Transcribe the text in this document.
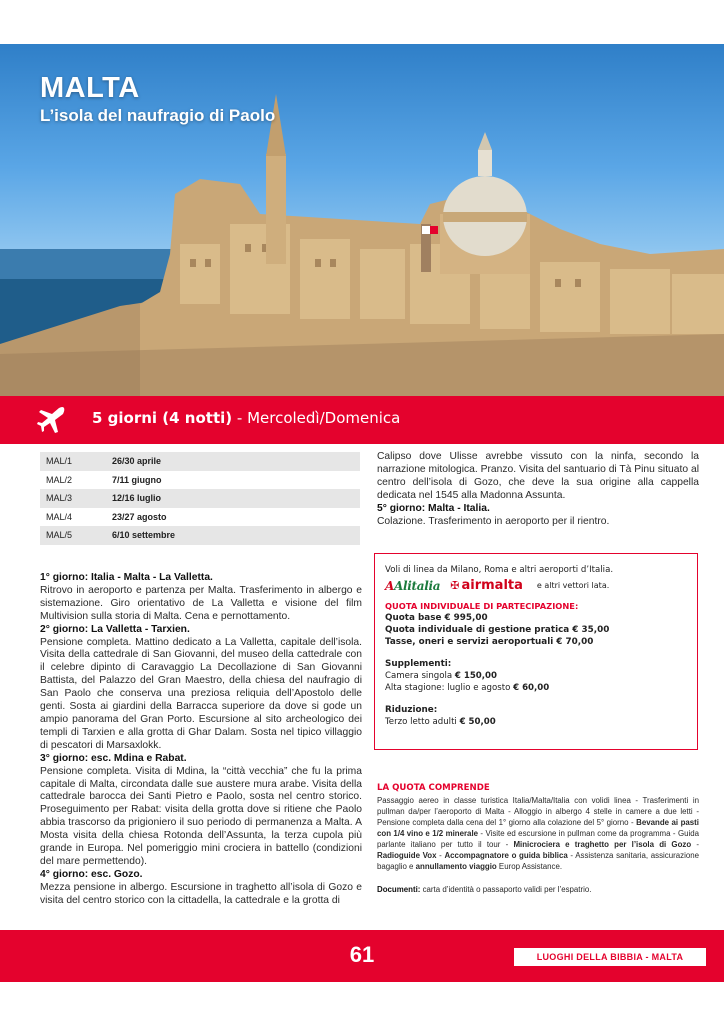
MALTA
L’isola del naufragio di Paolo
5 giorni (4 notti) - Mercoledì/Domenica
MAL/1	26/30 aprile
MAL/2	7/11 giugno
MAL/3	12/16 luglio
MAL/4	23/27 agosto
MAL/5	6/10 settembre
1° giorno: Italia - Malta - La Valletta.
Ritrovo in aeroporto e partenza per Malta. Trasferimento in albergo e sistemazione. Giro orientativo de La Valletta e visione del film Multivision sulla storia di Malta. Cena e pernottamento.
2° giorno: La Valletta - Tarxien.
Pensione completa. Mattino dedicato a La Valletta, capitale dell’isola. Visita della cattedrale di San Giovanni, del museo della cattedrale con il celebre dipinto di Caravaggio La Decollazione di San Giovanni Battista, del Palazzo del Gran Maestro, della chiesa del naufragio di San Paolo che conserva una preziosa reliquia dell’Apostolo delle genti. Sosta ai giardini della Barracca superiore da dove si gode un ampio panorama del Gran Porto. Escursione al sito archeologico dei templi di Tarxien e alla grotta di Ghar Dalam. Sosta nel tipico villaggio di pescatori di Marsaxlokk.
3° giorno: esc. Mdina e Rabat.
Pensione completa. Visita di Mdina, la “città vecchia” che fu la prima capitale di Malta, circondata dalle sue austere mura arabe. Visita della cattedrale barocca dei Santi Pietro e Paolo, sosta nel centro storico. Proseguimento per Rabat: visita della grotta dove si ritiene che Paolo abbia trascorso da prigioniero il suo periodo di permanenza a Malta. A Mosta visita della chiesa Rotonda dell’Assunta, la terza cupola più grande in Europa. Nel pomeriggio mini crociera in battello (condizioni del mare permettendo).
4° giorno: esc. Gozo.
Mezza pensione in albergo. Escursione in traghetto all’isola di Gozo e visita del centro storico con la cittadella, la cattedrale e la grotta di
Calipso dove Ulisse avrebbe vissuto con la ninfa, secondo la narrazione mitologica. Pranzo. Visita del santuario di Tà Pinu situato al centro dell’isola di Gozo, che deve la sua origine alla cappella dedicata nel 1545 alla Madonna Assunta.
5° giorno: Malta - Italia.
Colazione. Trasferimento in aeroporto per il rientro.
Voli di linea da Milano, Roma e altri aeroporti d’Italia.
AAlitalia ✠ airmalta e altri vettori lata.
QUOTA INDIVIDUALE DI PARTECIPAZIONE:
Quota base € 995,00
Quota individuale di gestione pratica € 35,00
Tasse, oneri e servizi aeroportuali € 70,00
Supplementi:
Camera singola € 150,00
Alta stagione: luglio e agosto € 60,00
Riduzione:
Terzo letto adulti € 50,00
LA QUOTA COMPRENDE
Passaggio aereo in classe turistica Italia/Malta/Italia con volidi linea - Trasferimenti in pullman da/per l’aeroporto di Malta - Alloggio in albergo 4 stelle in camere a due letti - Pensione completa dalla cena del 1° giorno alla colazione del 5° giorno - Bevande ai pasti con 1/4 vino e 1/2 minerale - Visite ed escursione in pullman come da programma - Guida parlante italiano per tutto il tour - Minicrociera e traghetto per l’isola di Gozo - Radioguide Vox - Accompagnatore o guida biblica - Assistenza sanitaria, assicurazione bagaglio e annullamento viaggio Europ Assistance.
Documenti: carta d’identità o passaporto validi per l’espatrio.
61	LUOGHI DELLA BIBBIA - MALTA
